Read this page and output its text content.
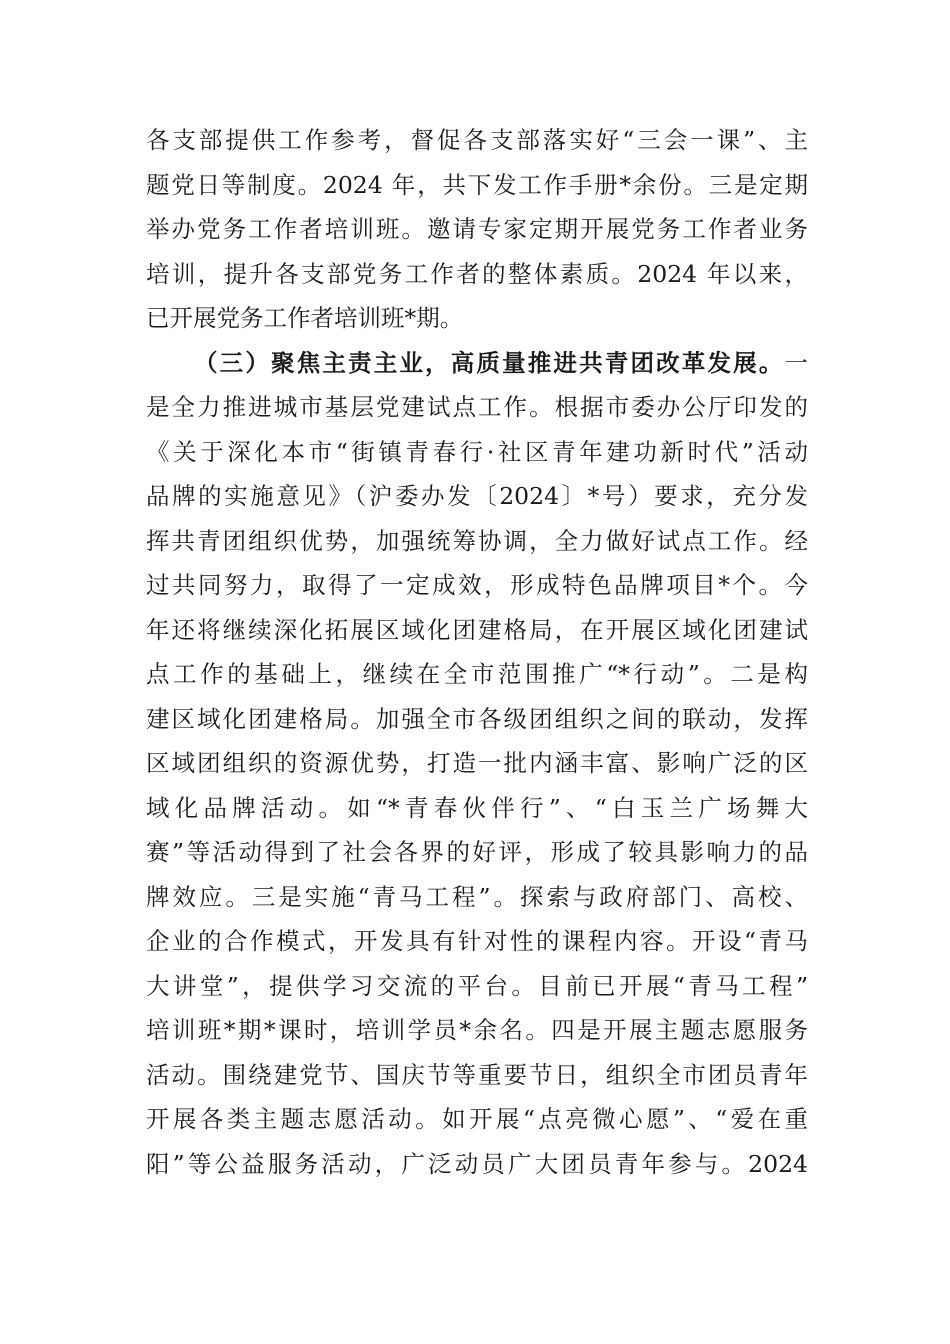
各支部提供工作参考，督促各支部落实好“三会一课”、主
题党日等制度。2024 年，共下发工作手册*余份。三是定期
举办党务工作者培训班。邀请专家定期开展党务工作者业务
培训，提升各支部党务工作者的整体素质。2024 年以来，
已开展党务工作者培训班*期。
（三）聚焦主责主业，高质量推进共青团改革发展。一
是全力推进城市基层党建试点工作。根据市委办公厅印发的
《关于深化本市“街镇青春行·社区青年建功新时代”活动
品牌的实施意见》（沪委办发〔2024〕*号）要求，充分发
挥共青团组织优势，加强统筹协调，全力做好试点工作。经
过共同努力，取得了一定成效，形成特色品牌项目*个。今
年还将继续深化拓展区域化团建格局，在开展区域化团建试
点工作的基础上，继续在全市范围推广“*行动”。二是构
建区域化团建格局。加强全市各级团组织之间的联动，发挥
区域团组织的资源优势，打造一批内涵丰富、影响广泛的区
域化品牌活动。如“*青春伙伴行”、“白玉兰广场舞大
赛”等活动得到了社会各界的好评，形成了较具影响力的品
牌效应。三是实施“青马工程”。探索与政府部门、高校、
企业的合作模式，开发具有针对性的课程内容。开设“青马
大讲堂”，提供学习交流的平台。目前已开展“青马工程”
培训班*期*课时，培训学员*余名。四是开展主题志愿服务
活动。围绕建党节、国庆节等重要节日，组织全市团员青年
开展各类主题志愿活动。如开展“点亮微心愿”、“爱在重
阳”等公益服务活动，广泛动员广大团员青年参与。2024
